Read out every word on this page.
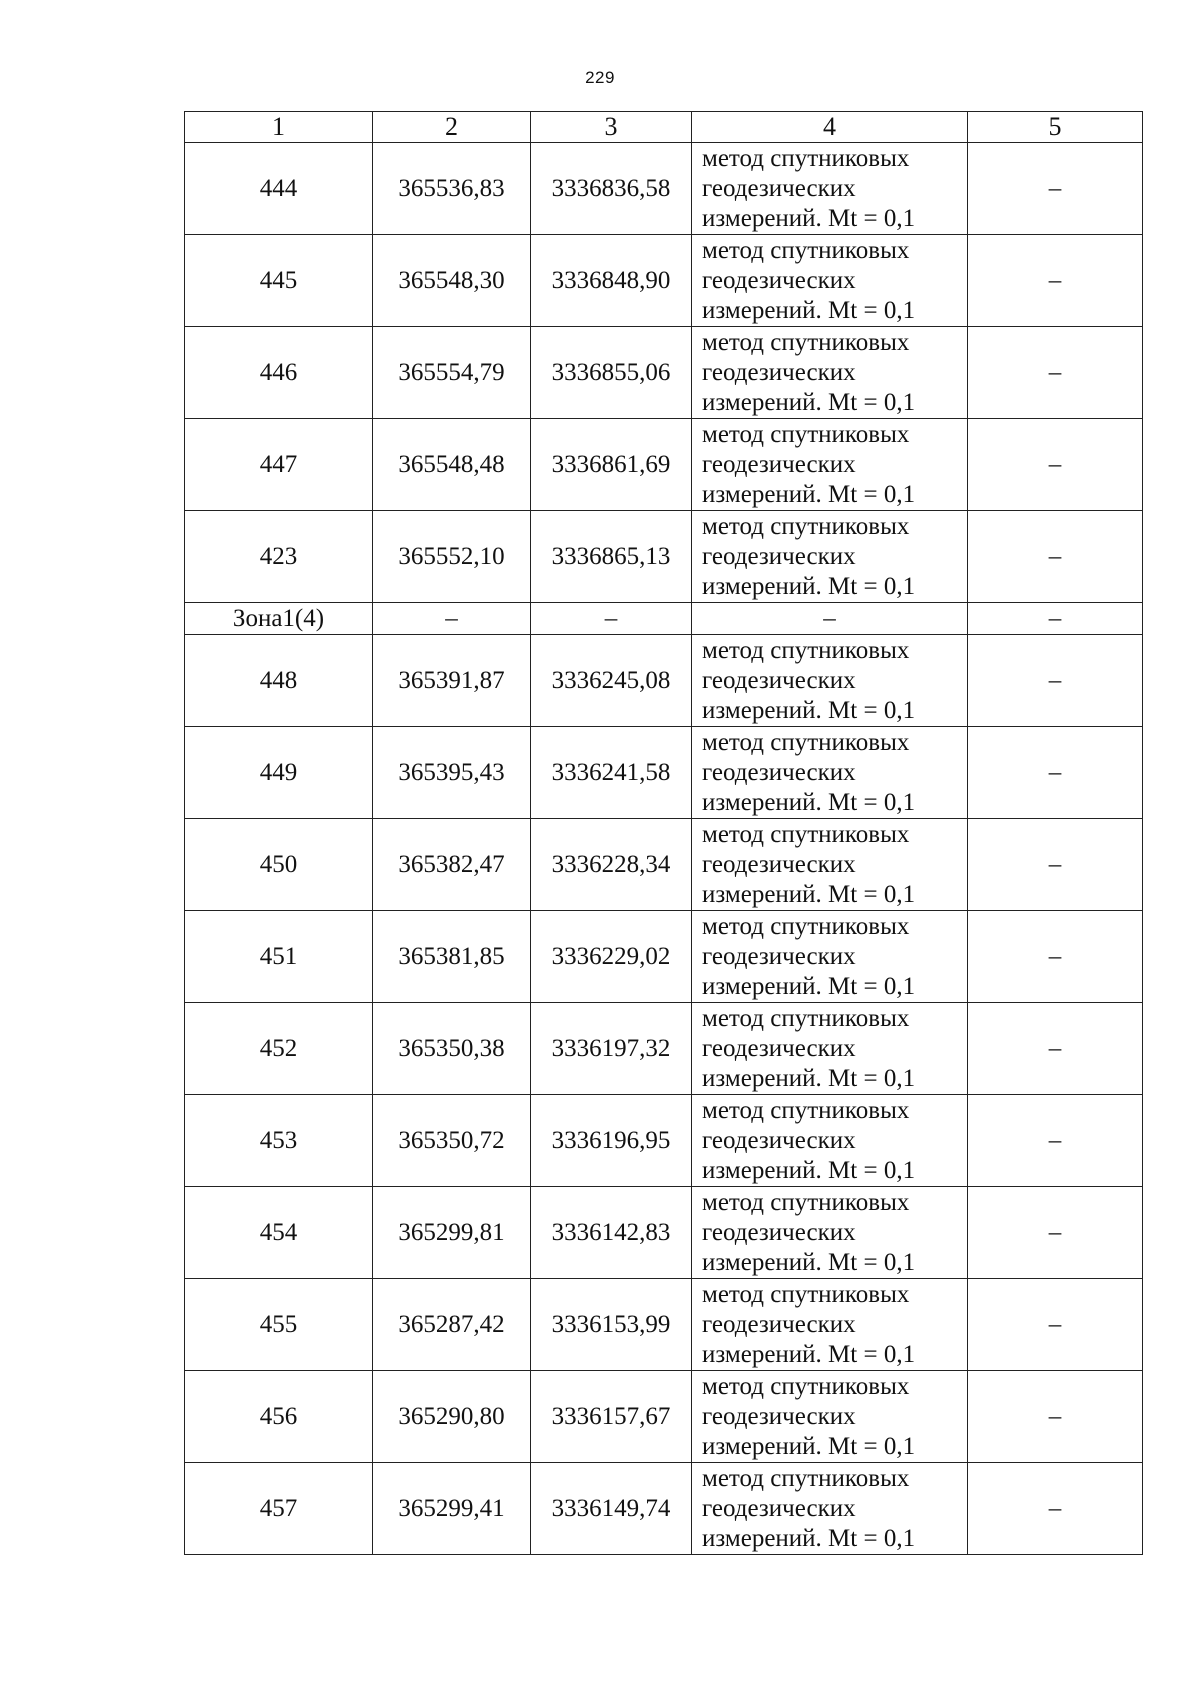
229
1	2	3	4	5
444	365536,83	3336836,58	метод спутниковых
геодезических
измерений. Mt = 0,1	–
445	365548,30	3336848,90	метод спутниковых
геодезических
измерений. Mt = 0,1	–
446	365554,79	3336855,06	метод спутниковых
геодезических
измерений. Mt = 0,1	–
447	365548,48	3336861,69	метод спутниковых
геодезических
измерений. Mt = 0,1	–
423	365552,10	3336865,13	метод спутниковых
геодезических
измерений. Mt = 0,1	–
Зона1(4)	–	–	–	–
448	365391,87	3336245,08	метод спутниковых
геодезических
измерений. Mt = 0,1	–
449	365395,43	3336241,58	метод спутниковых
геодезических
измерений. Mt = 0,1	–
450	365382,47	3336228,34	метод спутниковых
геодезических
измерений. Mt = 0,1	–
451	365381,85	3336229,02	метод спутниковых
геодезических
измерений. Mt = 0,1	–
452	365350,38	3336197,32	метод спутниковых
геодезических
измерений. Mt = 0,1	–
453	365350,72	3336196,95	метод спутниковых
геодезических
измерений. Mt = 0,1	–
454	365299,81	3336142,83	метод спутниковых
геодезических
измерений. Mt = 0,1	–
455	365287,42	3336153,99	метод спутниковых
геодезических
измерений. Mt = 0,1	–
456	365290,80	3336157,67	метод спутниковых
геодезических
измерений. Mt = 0,1	–
457	365299,41	3336149,74	метод спутниковых
геодезических
измерений. Mt = 0,1	–
